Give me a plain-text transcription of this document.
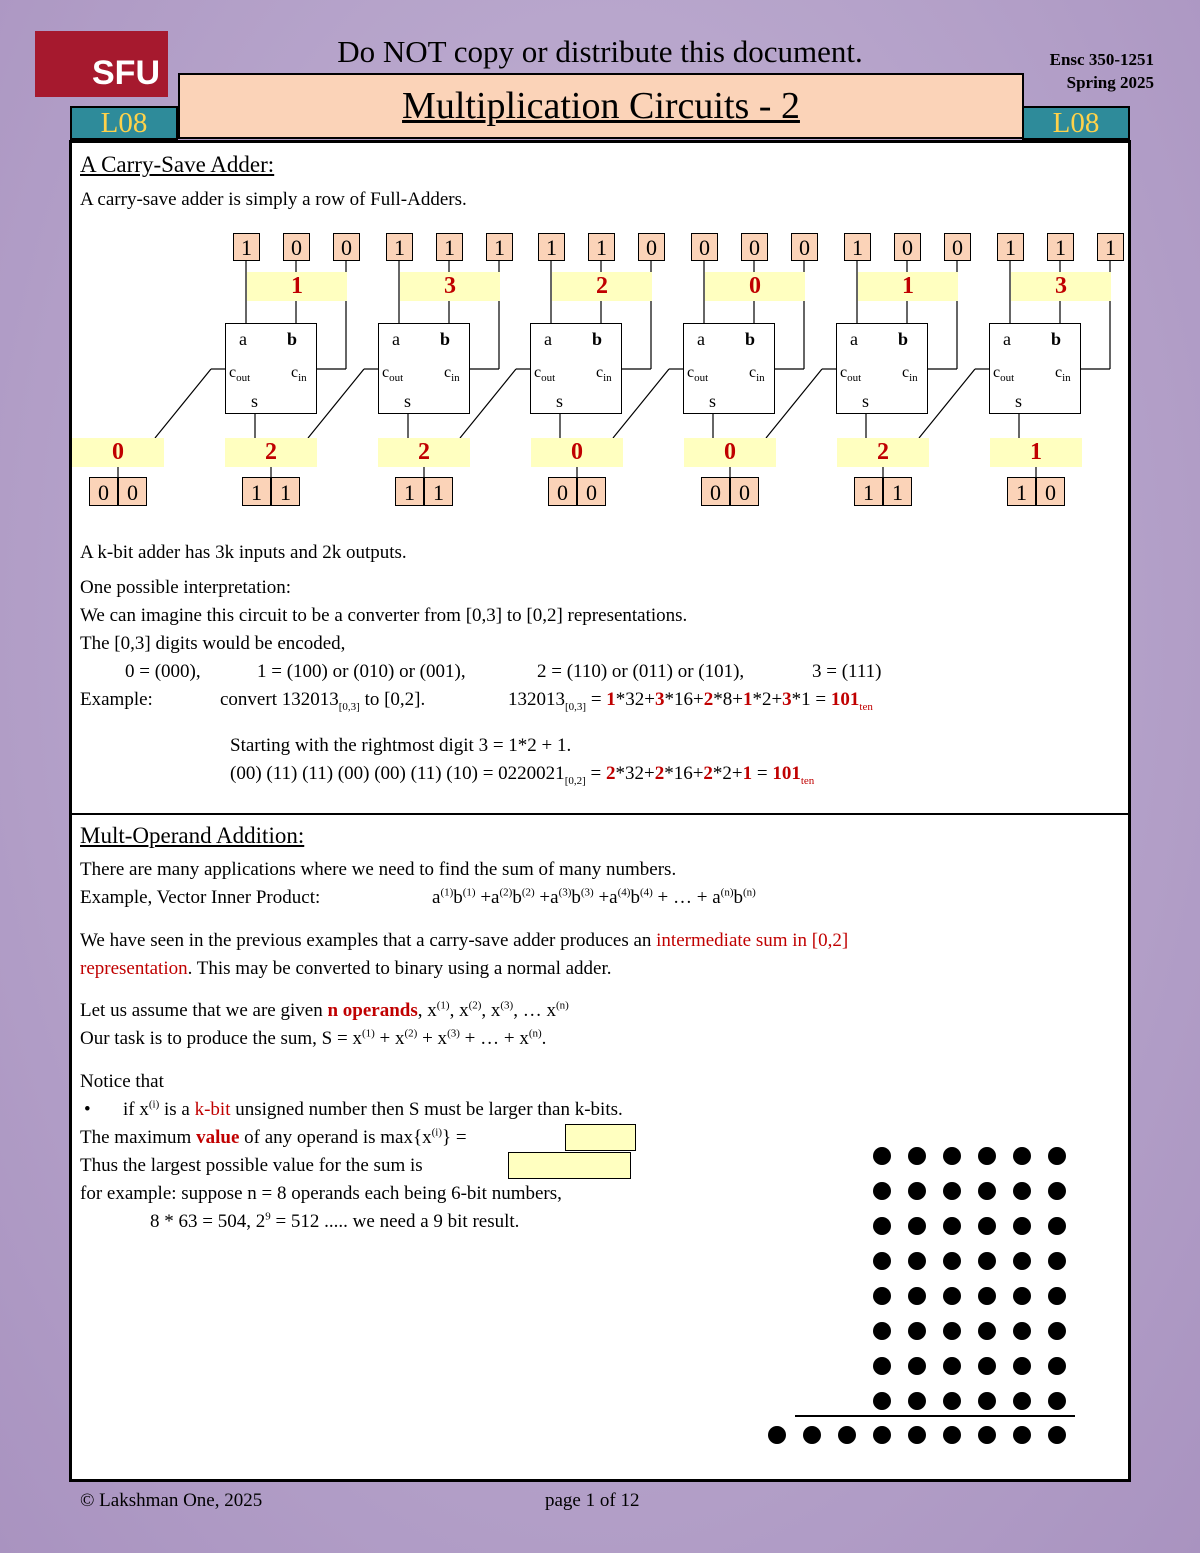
SFU
Do NOT copy or distribute this document.	Ensc 350-1251
Spring 2025
Multiplication Circuits - 2
L08	L08
A Carry-Save Adder:
A carry-save adder is simply a row of Full-Adders.
A k-bit adder has 3k inputs and 2k outputs.
One possible interpretation:
We can imagine this circuit to be a converter from [0,3] to [0,2] representations.
The [0,3] digits would be encoded,
0 = (000),	1 = (100) or (010) or (001),	2 = (110) or (011) or (101),	3 = (111)
Example:	convert $132013_{[0,3]}$ to [0,2].	$132013_{[0,3]} = 1*32+3*16+2*8+1*2+3*1 = 101_{ten}$
Starting with the rightmost digit 3 = 1*2 + 1.
(00) (11) (11) (00) (00) (11) $(10) = 0220021_{[0,2]} = 2*32+2*16+2*2+1 = 101_{ten}$
Mult-Operand Addition:
There are many applications where we need to find the sum of many numbers.
Example, Vector Inner Product:	$a^{(1)}b^{(1)} +a^{(2)}b^{(2)} +a^{(3)}b^{(3)} +a^{(4)}b^{(4)}$ + … + $a^{(n)}b^{(n)}$
We have seen in the previous examples that a carry-save adder produces an intermediate sum in [0,2]
representation. This may be converted to binary using a normal adder.
Let us assume that we are given n operands, $x^{(1)}$, $x^{(2)}$, $x^{(3)}$, … $x^{(n)}$
Our task is to produce the sum, $S = x^{(1)} + x^{(2)} + x^{(3)}$ + … + $x^{(n)}$.
Notice that
• if $x^{(i)}$ is a k-bit unsigned number then S must be larger than k-bits.
The maximum value of any operand is $\max\{x^{(i)}\}$ =
Thus the largest possible value for the sum is
for example: suppose n = 8 operands each being 6-bit numbers,
8 * 63 = 504, $2^9 = 512$ ..... we need a 9 bit result.
© Lakshman One, 2025	page 1 of 12
1	0	0
1
a	b
$c_{out}$	$c_{in}$
s
1	1	1
3
a	b
$c_{out}$	$c_{in}$
s
1	1	0
2
a	b
$c_{out}$	$c_{in}$
s
0	0	0
0
a	b
$c_{out}$	$c_{in}$
s
1	0	0
1
a	b
$c_{out}$	$c_{in}$
s
1	1	1
3
a	b
$c_{out}$	$c_{in}$
s
0
0 0
2
1 1
2
1 1
0
0 0
0
0 0
2
1 1
1
1 0
